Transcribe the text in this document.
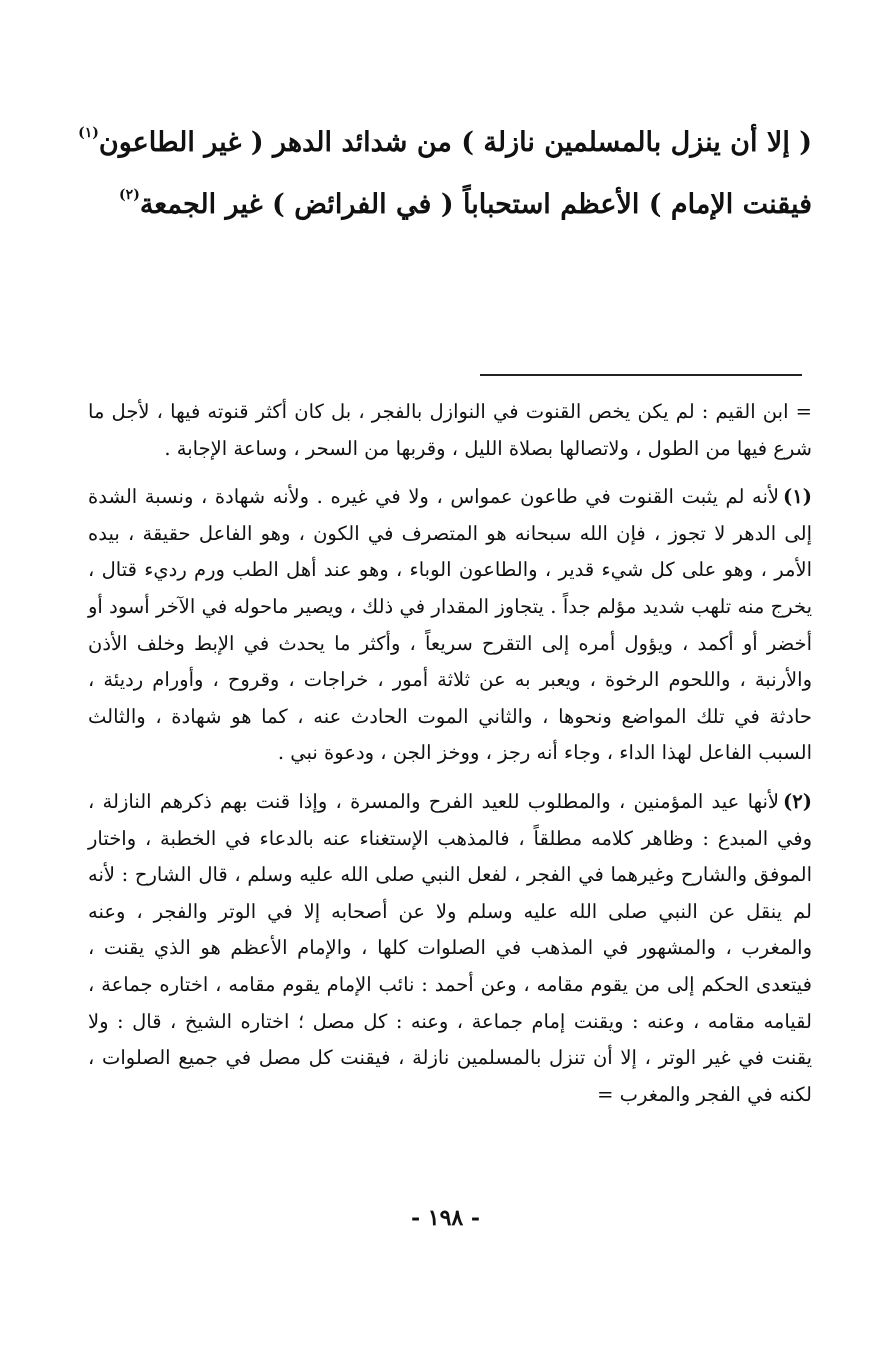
( إلا أن ينزل بالمسلمين نازلة ) من شدائد الدهر ( غير الطاعون$^{(١)}$
فيقنت الإمام ) الأعظم استحباباً ( في الفرائض ) غير الجمعة$^{(٢)}$

= ابن القيم : لم يكن يخص القنوت في النوازل بالفجر ، بل كان أكثر قنوته فيها ، لأجل ما شرع فيها من الطول ، ولاتصالها بصلاة الليل ، وقربها من السحر ، وساعة الإجابة .

(١)لأنه لم يثبت القنوت في طاعون عمواس ، ولا في غيره . ولأنه شهادة ، ونسبة الشدة إلى الدهر لا تجوز ، فإن الله سبحانه هو المتصرف في الكون ، وهو الفاعل حقيقة ، بيده الأمر ، وهو على كل شيء قدير ، والطاعون الوباء ، وهو عند أهل الطب ورم رديء قتال ، يخرج منه تلهب شديد مؤلم جداً . يتجاوز المقدار في ذلك ، ويصير ماحوله في الآخر أسود أو أخضر أو أكمد ، ويؤول أمره إلى التقرح سريعاً ، وأكثر ما يحدث في الإبط وخلف الأذن والأرنبة ، واللحوم الرخوة ، ويعبر به عن ثلاثة أمور ، خراجات ، وقروح ، وأورام رديئة ، حادثة في تلك المواضع ونحوها ، والثاني الموت الحادث عنه ، كما هو شهادة ، والثالث السبب الفاعل لهذا الداء ، وجاء أنه رجز ، ووخز الجن ، ودعوة نبي .

(٢)لأنها عيد المؤمنين ، والمطلوب للعيد الفرح والمسرة ، وإذا قنت بهم ذكرهم النازلة ، وفي المبدع : وظاهر كلامه مطلقاً ، فالمذهب الإستغناء عنه بالدعاء في الخطبة ، واختار الموفق والشارح وغيرهما في الفجر ، لفعل النبي صلى الله عليه وسلم ، قال الشارح : لأنه لم ينقل عن النبي صلى الله عليه وسلم ولا عن أصحابه إلا في الوتر والفجر ، وعنه والمغرب ، والمشهور في المذهب في الصلوات كلها ، والإمام الأعظم هو الذي يقنت ، فيتعدى الحكم إلى من يقوم مقامه ، وعن أحمد : نائب الإمام يقوم مقامه ، اختاره جماعة ، لقيامه مقامه ، وعنه : ويقنت إمام جماعة ، وعنه : كل مصل ؛ اختاره الشيخ ، قال : ولا يقنت في غير الوتر ، إلا أن تنزل بالمسلمين نازلة ، فيقنت كل مصل في جميع الصلوات ، لكنه في الفجر والمغرب =

- ١٩٨ -
